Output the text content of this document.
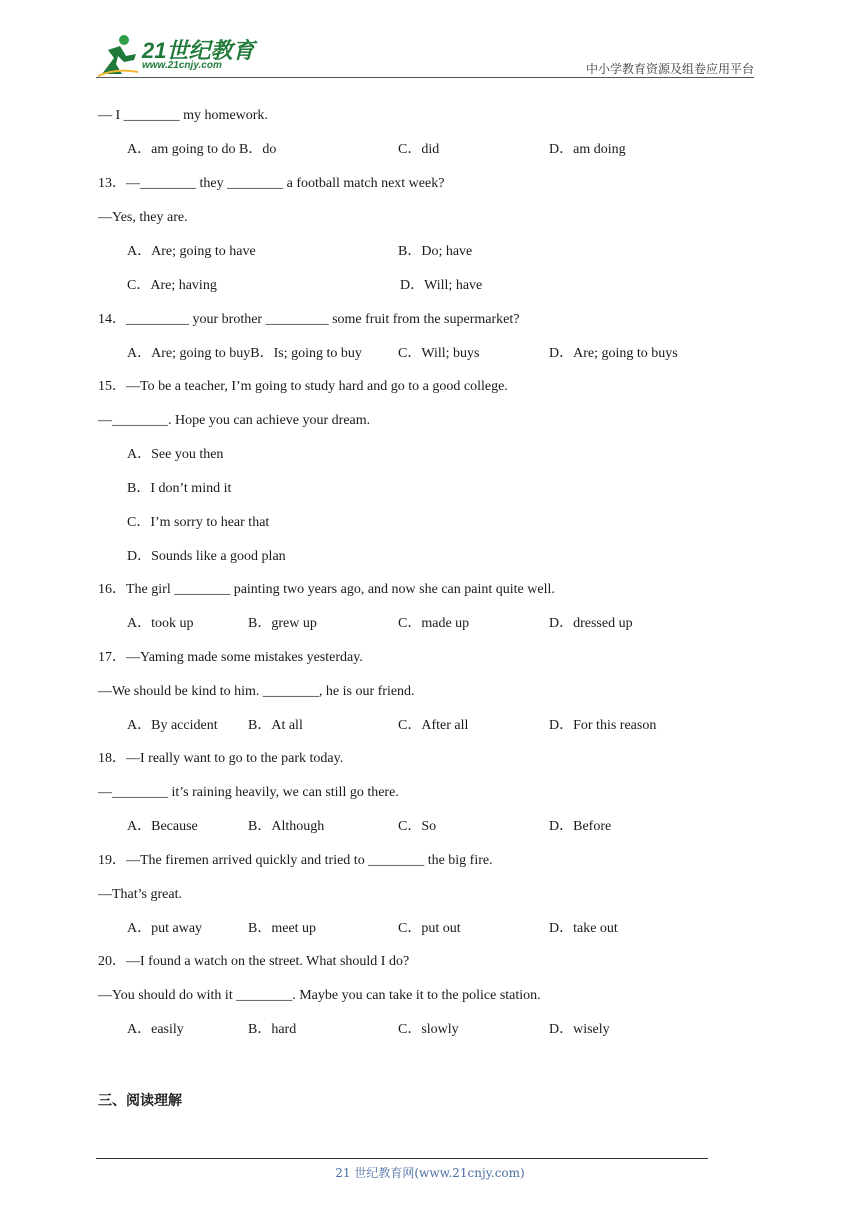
21世纪教育
www.21cnjy.com	中小学教育资源及组卷应用平台
— I ________ my homework.
A．am going to do B．do	C．did	D．am doing
13．—________ they ________ a football match next week?
—Yes, they are.
A．Are; going to have	B．Do; have
C．Are; having	D．Will; have
14．_________ your brother _________ some fruit from the supermarket?
A．Are; going to buyB．Is; going to buy	C．Will; buys	D．Are; going to buys
15．—To be a teacher, I’m going to study hard and go to a good college.
—________. Hope you can achieve your dream.
A．See you then
B．I don’t mind it
C．I’m sorry to hear that
D．Sounds like a good plan
16．The girl ________ painting two years ago, and now she can paint quite well.
A．took up	B．grew up	C．made up	D．dressed up
17．—Yaming made some mistakes yesterday.
—We should be kind to him. ________, he is our friend.
A．By accident B．At all	C．After all	D．For this reason
18．—I really want to go to the park today.
—________ it’s raining heavily, we can still go there.
A．Because	B．Although	C．So	D．Before
19．—The firemen arrived quickly and tried to ________ the big fire.
—That’s great.
A．put away	B．meet up	C．put out	D．take out
20．—I found a watch on the street. What should I do?
—You should do with it ________. Maybe you can take it to the police station.
A．easily	B．hard	C．slowly	D．wisely
三、阅读理解
21 世纪教育网(www.21cnjy.com)
